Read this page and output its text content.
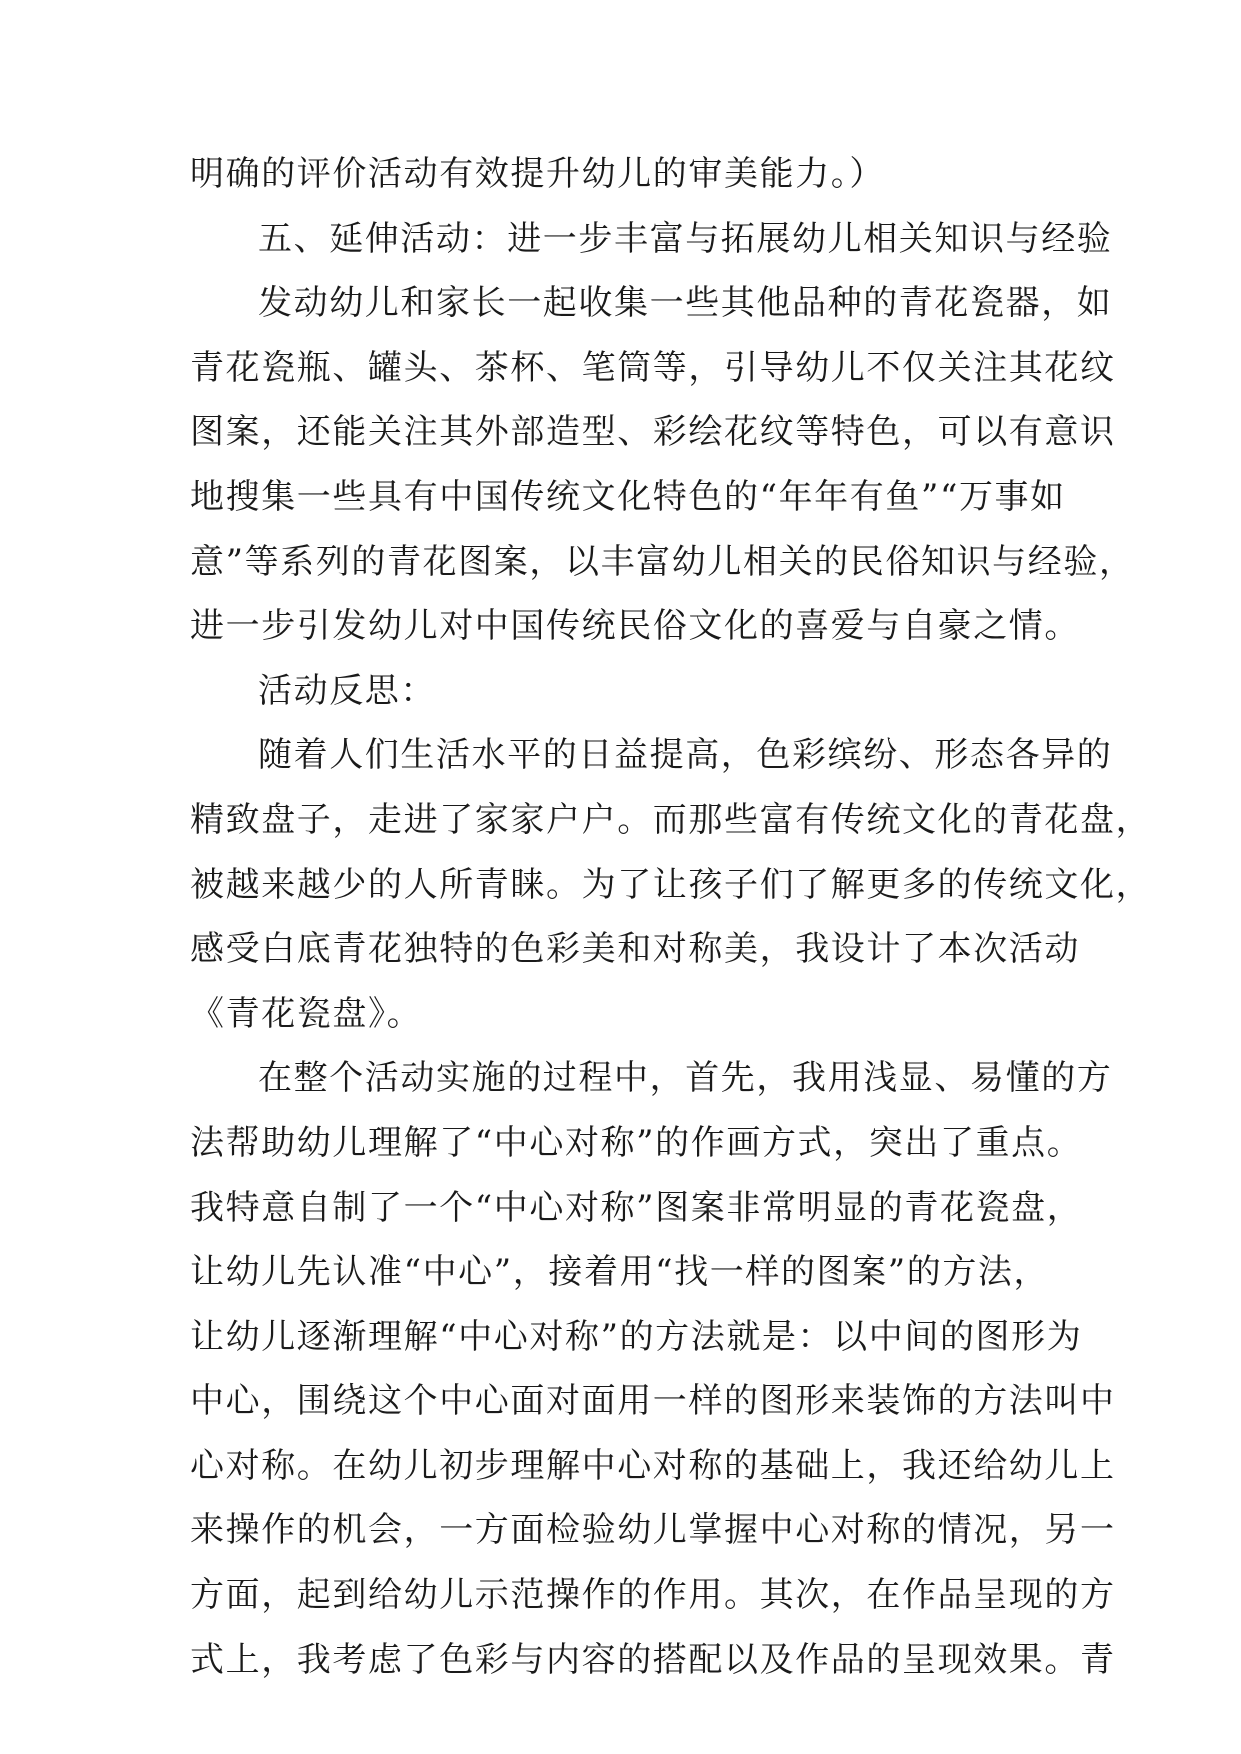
明确的评价活动有效提升幼儿的审美能力。）
五、延伸活动：进一步丰富与拓展幼儿相关知识与经验
发动幼儿和家长一起收集一些其他品种的青花瓷器，如
青花瓷瓶、罐头、茶杯、笔筒等，引导幼儿不仅关注其花纹
图案，还能关注其外部造型、彩绘花纹等特色，可以有意识
地搜集一些具有中国传统文化特色的“年年有鱼”“万事如
意”等系列的青花图案，以丰富幼儿相关的民俗知识与经验，
进一步引发幼儿对中国传统民俗文化的喜爱与自豪之情。
活动反思：
随着人们生活水平的日益提高，色彩缤纷、形态各异的
精致盘子，走进了家家户户。而那些富有传统文化的青花盘，
被越来越少的人所青睐。为了让孩子们了解更多的传统文化，
感受白底青花独特的色彩美和对称美，我设计了本次活动
《青花瓷盘》。
在整个活动实施的过程中，首先，我用浅显、易懂的方
法帮助幼儿理解了“中心对称”的作画方式，突出了重点。
我特意自制了一个“中心对称”图案非常明显的青花瓷盘，
让幼儿先认准“中心”，接着用“找一样的图案”的方法，
让幼儿逐渐理解“中心对称”的方法就是：以中间的图形为
中心，围绕这个中心面对面用一样的图形来装饰的方法叫中
心对称。在幼儿初步理解中心对称的基础上，我还给幼儿上
来操作的机会，一方面检验幼儿掌握中心对称的情况，另一
方面，起到给幼儿示范操作的作用。其次，在作品呈现的方
式上，我考虑了色彩与内容的搭配以及作品的呈现效果。青
